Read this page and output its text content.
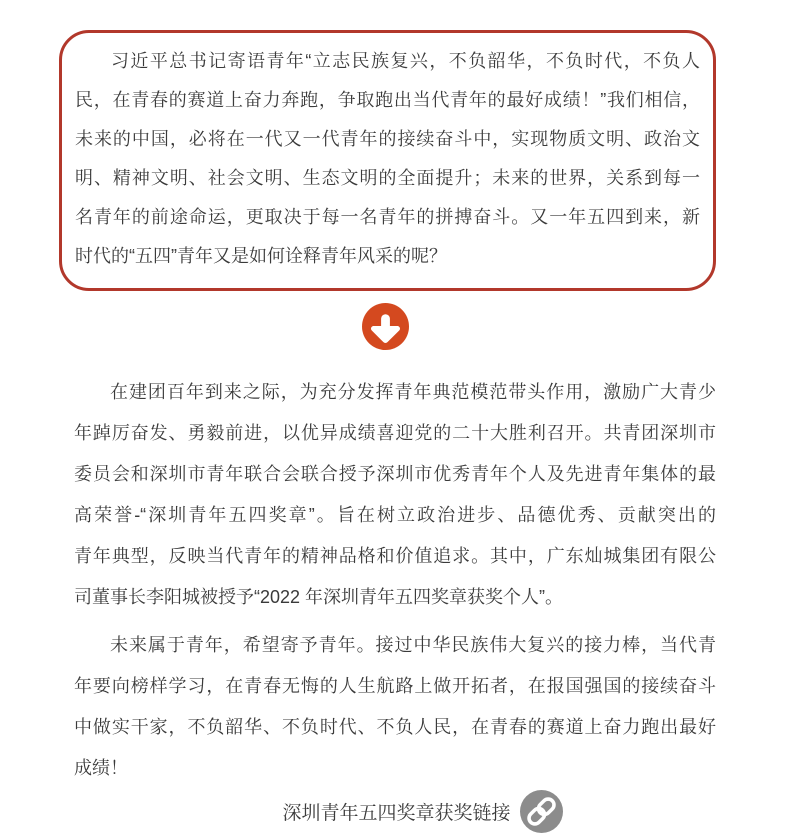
习近平总书记寄语青年“立志民族复兴，不负韶华，不负时代，不负人
民，在青春的赛道上奋力奔跑，争取跑出当代青年的最好成绩！”我们相信，
未来的中国，必将在一代又一代青年的接续奋斗中，实现物质文明、政治文
明、精神文明、社会文明、生态文明的全面提升；未来的世界，关系到每一
名青年的前途命运，更取决于每一名青年的拼搏奋斗。又一年五四到来，新
时代的“五四”青年又是如何诠释青年风采的呢？
在建团百年到来之际，为充分发挥青年典范模范带头作用，激励广大青少
年踔厉奋发、勇毅前进，以优异成绩喜迎党的二十大胜利召开。共青团深圳市
委员会和深圳市青年联合会联合授予深圳市优秀青年个人及先进青年集体的最
高荣誉-“深圳青年五四奖章”。旨在树立政治进步、品德优秀、贡献突出的
青年典型，反映当代青年的精神品格和价值追求。其中，广东灿城集团有限公
司董事长李阳城被授予“2022 年深圳青年五四奖章获奖个人”。
未来属于青年，希望寄予青年。接过中华民族伟大复兴的接力棒，当代青
年要向榜样学习，在青春无悔的人生航路上做开拓者，在报国强国的接续奋斗
中做实干家，不负韶华、不负时代、不负人民，在青春的赛道上奋力跑出最好
成绩！
深圳青年五四奖章获奖链接
